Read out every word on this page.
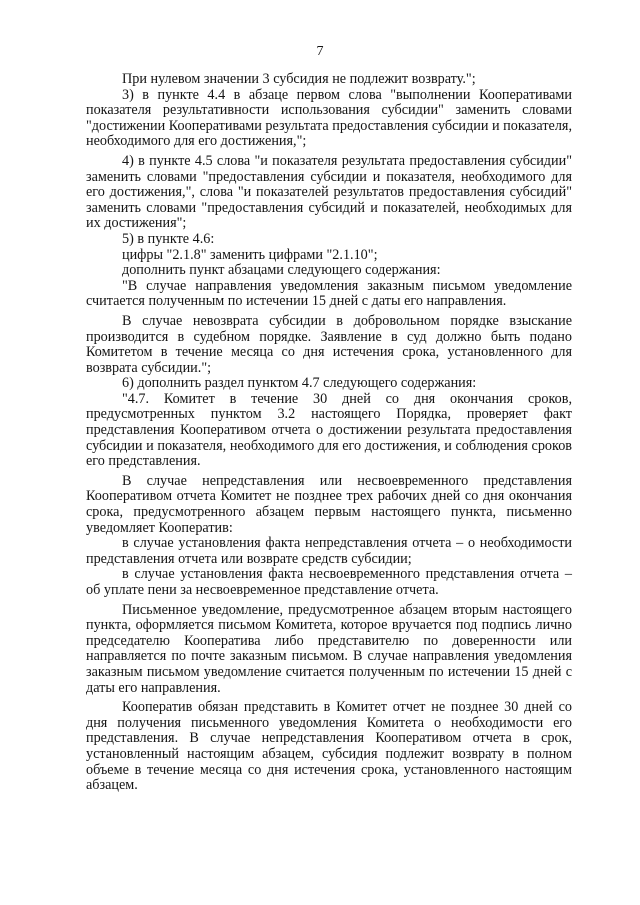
7

При нулевом значении 3 субсидия не подлежит возврату.";

3) в пункте 4.4 в абзаце первом слова "выполнении Кооперативами показателя результативности использования субсидии" заменить словами "достижении Кооперативами результата предоставления субсидии и показателя, необходимого для его достижения,";

4) в пункте 4.5 слова "и показателя результата предоставления субсидии" заменить словами "предоставления субсидии и показателя, необходимого для его достижения,", слова "и показателей результатов предоставления субсидий" заменить словами "предоставления субсидий и показателей, необходимых для их достижения";

5) в пункте 4.6:

цифры "2.1.8" заменить цифрами "2.1.10";

дополнить пункт абзацами следующего содержания:

"В случае направления уведомления заказным письмом уведомление считается полученным по истечении 15 дней с даты его направления.

В случае невозврата субсидии в добровольном порядке взыскание производится в судебном порядке. Заявление в суд должно быть подано Комитетом в течение месяца со дня истечения срока, установленного для возврата субсидии.";

6) дополнить раздел пунктом 4.7 следующего содержания:

"4.7. Комитет в течение 30 дней со дня окончания сроков, предусмотренных пунктом 3.2 настоящего Порядка, проверяет факт представления Кооперативом отчета о достижении результата предоставления субсидии и показателя, необходимого для его достижения, и соблюдения сроков его представления.

В случае непредставления или несвоевременного представления Кооперативом отчета Комитет не позднее трех рабочих дней со дня окончания срока, предусмотренного абзацем первым настоящего пункта, письменно уведомляет Кооператив:

в случае установления факта непредставления отчета – о необходимости представления отчета или возврате средств субсидии;

в случае установления факта несвоевременного представления отчета – об уплате пени за несвоевременное представление отчета.

Письменное уведомление, предусмотренное абзацем вторым настоящего пункта, оформляется письмом Комитета, которое вручается под подпись лично председателю Кооператива либо представителю по доверенности или направляется по почте заказным письмом. В случае направления уведомления заказным письмом уведомление считается полученным по истечении 15 дней с даты его направления.

Кооператив обязан представить в Комитет отчет не позднее 30 дней со дня получения письменного уведомления Комитета о необходимости его представления. В случае непредставления Кооперативом отчета в срок, установленный настоящим абзацем, субсидия подлежит возврату в полном объеме в течение месяца со дня истечения срока, установленного настоящим абзацем.
